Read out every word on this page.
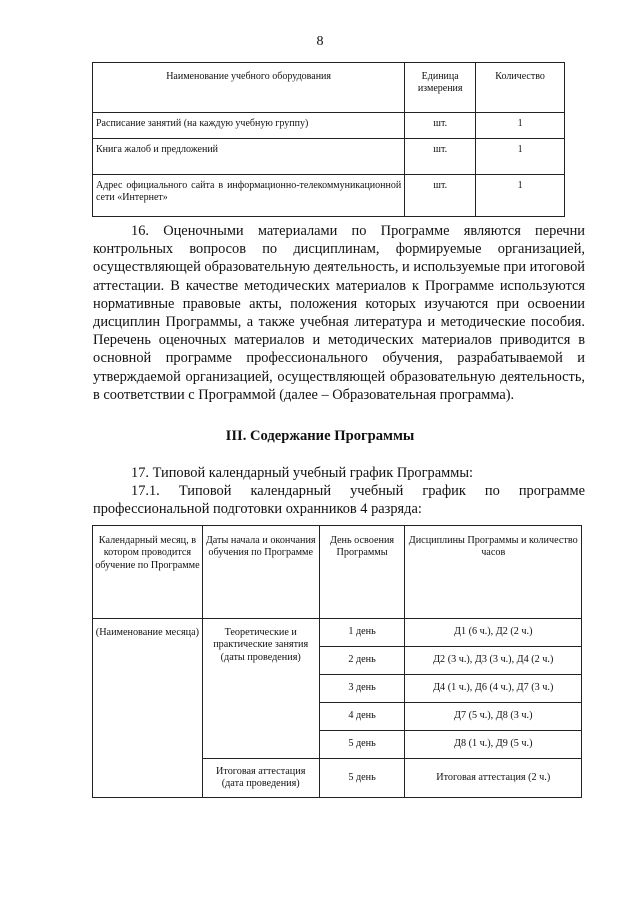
8
Наименование учебного оборудования	Единица измерения	Количество
Расписание занятий (на каждую учебную группу)	шт.	1
Книга жалоб и предложений	шт.	1
Адрес официального сайта в информационно-телекоммуникационной сети «Интернет»	шт.	1

16. Оценочными материалами по Программе являются перечни контрольных вопросов по дисциплинам, формируемые организацией, осуществляющей образовательную деятельность, и используемые при итоговой аттестации. В качестве методических материалов к Программе используются нормативные правовые акты, положения которых изучаются при освоении дисциплин Программы, а также учебная литература и методические пособия. Перечень оценочных материалов и методических материалов приводится в основной программе профессионального обучения, разрабатываемой и утверждаемой организацией, осуществляющей образовательную деятельность, в соответствии с Программой (далее – Образовательная программа).

III. Содержание Программы

17. Типовой календарный учебный график Программы:

17.1. Типовой календарный учебный график по программе профессиональной подготовки охранников 4 разряда:

Календарный месяц, в котором проводится обучение по Программе	Даты начала и окончания обучения по Программе	День освоения Программы	Дисциплины Программы и количество часов
(Наименование месяца)	Теоретические и практические занятия (даты проведения)	1 день	Д1 (6 ч.), Д2 (2 ч.)
		2 день	Д2 (3 ч.), Д3 (3 ч.), Д4 (2 ч.)
		3 день	Д4 (1 ч.), Д6 (4 ч.), Д7 (3 ч.)
		4 день	Д7 (5 ч.), Д8 (3 ч.)
		5 день	Д8 (1 ч.), Д9 (5 ч.)
	Итоговая аттестация (дата проведения)	5 день	Итоговая аттестация (2 ч.)
